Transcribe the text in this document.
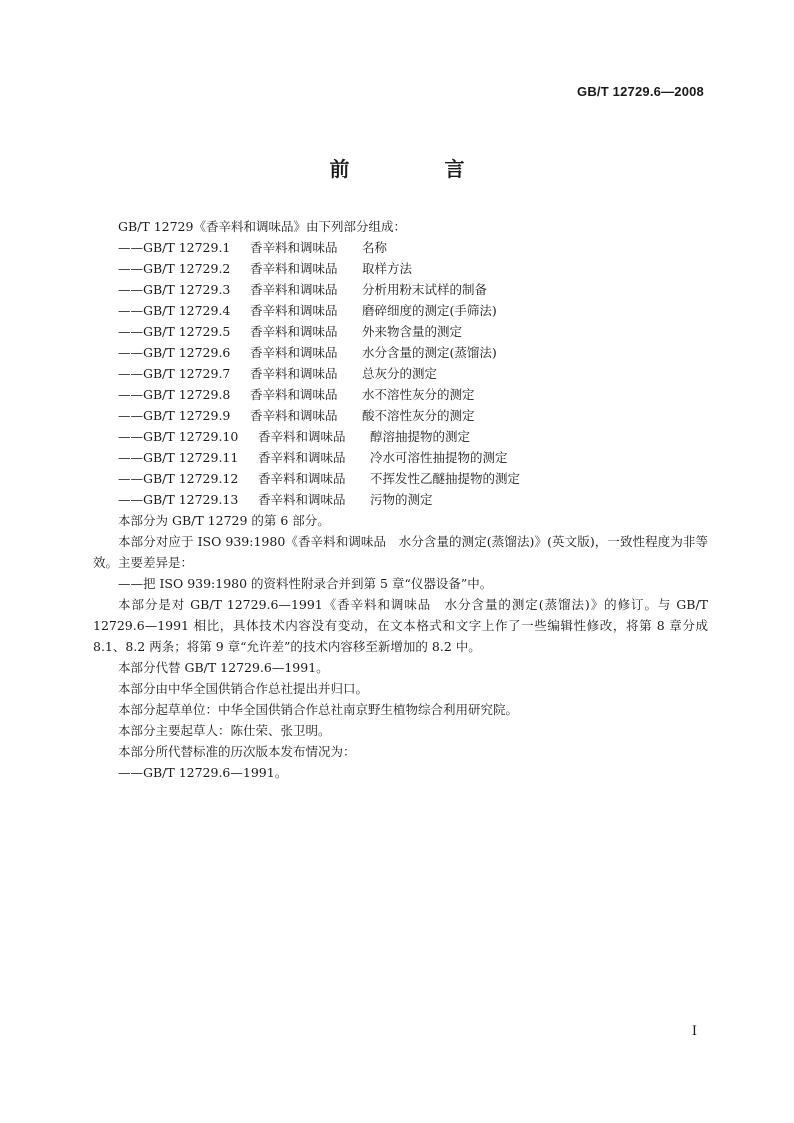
GB/T 12729.6—2008
前 言
GB/T 12729《香辛料和调味品》由下列部分组成：
——GB/T 12729.1 香辛料和调味品 名称
——GB/T 12729.2 香辛料和调味品 取样方法
——GB/T 12729.3 香辛料和调味品 分析用粉末试样的制备
——GB/T 12729.4 香辛料和调味品 磨碎细度的测定(手筛法)
——GB/T 12729.5 香辛料和调味品 外来物含量的测定
——GB/T 12729.6 香辛料和调味品 水分含量的测定(蒸馏法)
——GB/T 12729.7 香辛料和调味品 总灰分的测定
——GB/T 12729.8 香辛料和调味品 水不溶性灰分的测定
——GB/T 12729.9 香辛料和调味品 酸不溶性灰分的测定
——GB/T 12729.10 香辛料和调味品 醇溶抽提物的测定
——GB/T 12729.11 香辛料和调味品 冷水可溶性抽提物的测定
——GB/T 12729.12 香辛料和调味品 不挥发性乙醚抽提物的测定
——GB/T 12729.13 香辛料和调味品 污物的测定

本部分为 GB/T 12729 的第 6 部分。

本部分对应于 ISO 939:1980《香辛料和调味品　水分含量的测定(蒸馏法)》(英文版)，一致性程度为非等效。主要差异是：

——把 ISO 939:1980 的资料性附录合并到第 5 章“仪器设备”中。

本部分是对 GB/T 12729.6—1991《香辛料和调味品　水分含量的测定(蒸馏法)》的修订。与 GB/T 12729.6—1991 相比，具体技术内容没有变动，在文本格式和文字上作了一些编辑性修改，将第 8 章分成 8.1、8.2 两条；将第 9 章“允许差”的技术内容移至新增加的 8.2 中。

本部分代替 GB/T 12729.6—1991。

本部分由中华全国供销合作总社提出并归口。

本部分起草单位：中华全国供销合作总社南京野生植物综合利用研究院。

本部分主要起草人：陈仕荣、张卫明。

本部分所代替标准的历次版本发布情况为：

——GB/T 12729.6—1991。

I
